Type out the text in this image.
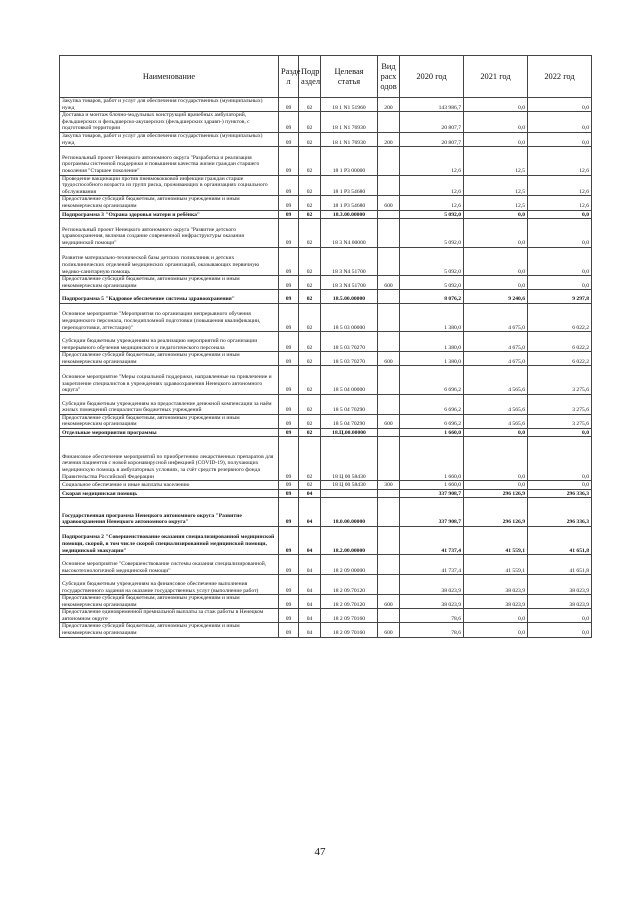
Наименование	Разде л	Подр аздел	Целевая статья	Вид расх одов	2020 год	2021 год	2022 год
Закупка товаров, работ и услуг для обеспечения государственных (муниципальных) нужд	09	02	18 1 N1 51960	200	143 986,7	0,0	0,0
Доставка и монтаж блочно-модульных конструкций врачебных амбулаторий, фельдшерских и фельдшерско-акушерских (фельдшерских здравп-) пунктов, с подготовкой территории	09	02	18 1 N1 76930		20 807,7	0,0	0,0
Закупка товаров, работ и услуг для обеспечения государственных (муниципальных) нужд	09	02	18 1 N1 76930	200	20 807,7	0,0	0,0
Региональный проект Ненецкого автономного округа "Разработка и реализация программы системной поддержки и повышения качества жизни граждан старшего поколения "Старшее поколение"	09	02	18 1 P3 00000		12,6	12,5	12,6
Проведение вакцинации против пневмококковой инфекции граждан старше трудоспособного возраста из групп риска, проживающих в организациях социального обслуживания	09	02	18 1 P3 54680		12,6	12,5	12,6
Предоставление субсидий бюджетным, автономным учреждениям и иным некоммерческим организациям	09	02	18 1 P3 54680	600	12,6	12,5	12,6
Подпрограмма 3 "Охрана здоровья матери и ребёнка"	09	02	18.3.00.00000		5 092,0	0,0	0,0
Региональный проект Ненецкого автономного округа "Развитие детского здравоохранения, включая создание современной инфраструктуры оказания медицинской помощи"	09	02	18 3 N4 00000		5 092,0	0,0	0,0
Развитие материально-технической базы детских поликлиник и детских поликлинических отделений медицинских организаций, оказывающих первичную медико-санитарную помощь	09	02	18 3 N4 51700		5 092,0	0,0	0,0
Предоставление субсидий бюджетным, автономным учреждениям и иным некоммерческим организациям	09	02	18 3 N4 51700	600	5 092,0	0,0	0,0
Подпрограмма 5 "Кадровое обеспечение системы здравоохранения"	09	02	18.5.00.00000		8 076,2	9 240,6	9 297,8
Основное мероприятие "Мероприятия по организации непрерывного обучения медицинского персонала, последипломной подготовки (повышения квалификации, переподготовки, аттестации)"	09	02	18 5 03 00000		1 380,0	4 675,0	6 022,2
Субсидии бюджетным учреждениям на реализацию мероприятий по организации непрерывного обучения медицинского и педагогического персонала	09	02	18 5 03 70270		1 380,0	4 675,0	6 022,2
Предоставление субсидий бюджетным, автономным учреждениям и иным некоммерческим организациям	09	02	18 5 03 70270	600	1 380,0	4 675,0	6 022,2
Основное мероприятие "Меры социальной поддержки, направленные на привлечение и закрепление специалистов в учреждениях здравоохранения Ненецкого автономного округа"	09	02	18 5 04 00000		6 696,2	4 565,6	3 275,6
Субсидии бюджетным учреждениям на предоставление денежной компенсации за наём жилых помещений специалистам бюджетных учреждений	09	02	18 5 04 70290		6 696,2	4 565,6	3 275,6
Предоставление субсидий бюджетным, автономным учреждениям и иным некоммерческим организациям	09	02	18 5 04 70290	600	6 696,2	4 565,6	3 275,6
Отдельные мероприятия программы	09	02	18.Ц.00.00000		1 660,0	0,0	0,0
Финансовое обеспечение мероприятий по приобретению лекарственных препаратов для лечения пациентов с новой коронавирусной инфекцией (COVID-19), получающих медицинскую помощь в амбулаторных условиях, за счёт средств резервного фонда Правительства Российской Федерации	09	02	18 Ц 00 58430		1 660,0	0,0	0,0
Социальное обеспечение и иные выплаты населению	09	02	18 Ц 00 58430	300	1 660,0	0,0	0,0
Скорая медицинская помощь	09	04			337 908,7	296 126,9	296 336,3
Государственная программа Ненецкого автономного округа "Развитие здравоохранения Ненецкого автономного округа"	09	04	18.0.00.00000		337 908,7	296 126,9	296 336,3
Подпрограмма 2 "Совершенствование оказания специализированной медицинской помощи, скорой, в том числе скорой специализированной медицинской помощи, медицинской эвакуации"	09	04	18.2.00.00000		41 737,4	41 559,1	41 651,8
Основное мероприятие "Совершенствование системы оказания специализированной, высокотехнологичной медицинской помощи"	09	04	18 2 09 00000		41 737,4	41 559,1	41 651,8
Субсидии бюджетным учреждениям на финансовое обеспечение выполнения государственного задания на оказание государственных услуг (выполнение работ)	09	04	18 2 09.70120		38 023,9	38 023,9	38 023,9
Предоставление субсидий бюджетным, автономным учреждениям и иным некоммерческим организациям	09	04	18 2 09.70120	600	38 023,9	38 023,9	38 023,9
Предоставление единовременной премиальной выплаты за стаж работы в Ненецком автономном округе	09	04	18 2 09 70160		78,6	0,0	0,0
Предоставление субсидий бюджетным, автономным учреждениям и иным некоммерческим организациям	09	04	18 2 09 70160	600	78,6	0,0	0,0
47
